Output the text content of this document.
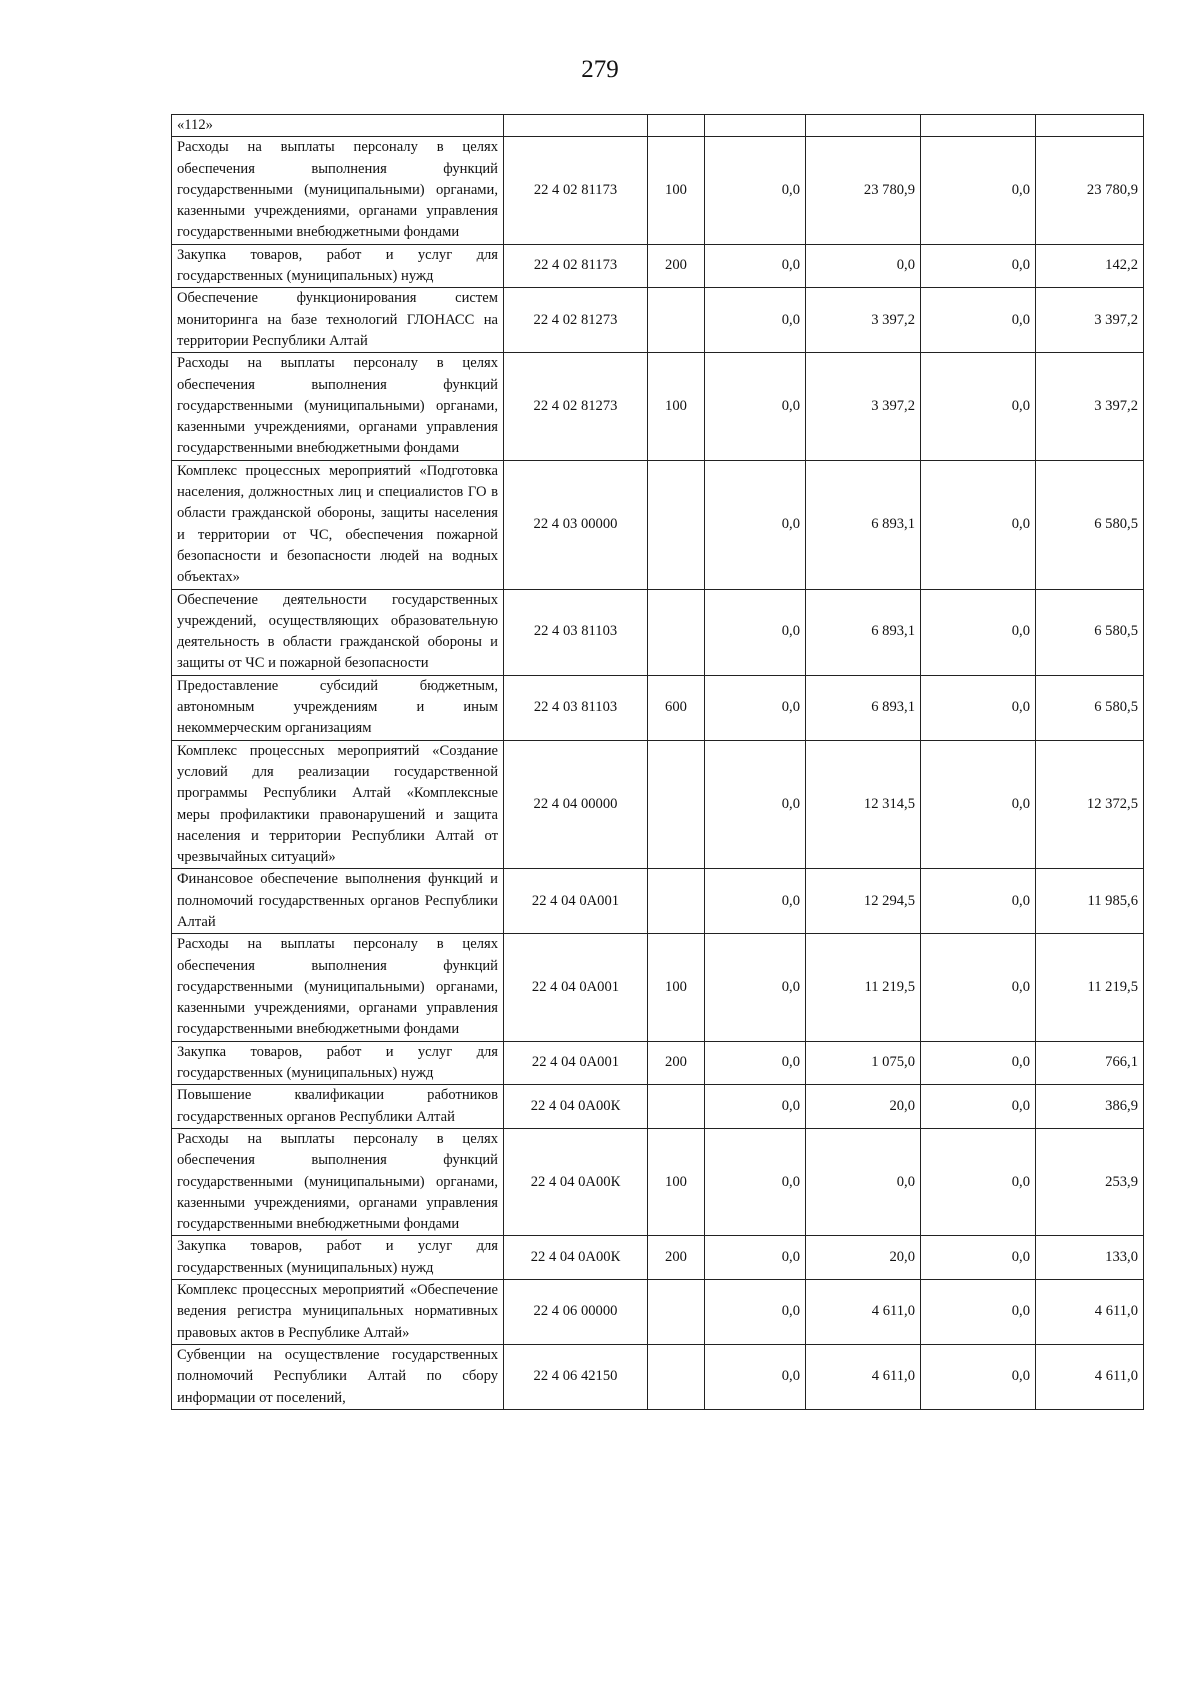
279
«112»						
Расходы на выплаты персоналу в целях обеспечения выполнения функций государственными (муниципальными) органами, казенными учреждениями, органами управления государственными внебюджетными фондами	22 4 02 81173	100	0,0	23 780,9	0,0	23 780,9
Закупка товаров, работ и услуг для государственных (муниципальных) нужд	22 4 02 81173	200	0,0	0,0	0,0	142,2
Обеспечение функционирования систем мониторинга на базе технологий ГЛОНАСС на территории Республики Алтай	22 4 02 81273		0,0	3 397,2	0,0	3 397,2
Расходы на выплаты персоналу в целях обеспечения выполнения функций государственными (муниципальными) органами, казенными учреждениями, органами управления государственными внебюджетными фондами	22 4 02 81273	100	0,0	3 397,2	0,0	3 397,2
Комплекс процессных мероприятий «Подготовка населения, должностных лиц и специалистов ГО в области гражданской обороны, защиты населения и территории от ЧС, обеспечения пожарной безопасности и безопасности людей на водных объектах»	22 4 03 00000		0,0	6 893,1	0,0	6 580,5
Обеспечение деятельности государственных учреждений, осуществляющих образовательную деятельность в области гражданской обороны и защиты от ЧС и пожарной безопасности	22 4 03 81103		0,0	6 893,1	0,0	6 580,5
Предоставление субсидий бюджетным, автономным учреждениям и иным некоммерческим организациям	22 4 03 81103	600	0,0	6 893,1	0,0	6 580,5
Комплекс процессных мероприятий «Создание условий для реализации государственной программы Республики Алтай «Комплексные меры профилактики правонарушений и защита населения и территории Республики Алтай от чрезвычайных ситуаций»	22 4 04 00000		0,0	12 314,5	0,0	12 372,5
Финансовое обеспечение выполнения функций и полномочий государственных органов Республики Алтай	22 4 04 0А001		0,0	12 294,5	0,0	11 985,6
Расходы на выплаты персоналу в целях обеспечения выполнения функций государственными (муниципальными) органами, казенными учреждениями, органами управления государственными внебюджетными фондами	22 4 04 0А001	100	0,0	11 219,5	0,0	11 219,5
Закупка товаров, работ и услуг для государственных (муниципальных) нужд	22 4 04 0А001	200	0,0	1 075,0	0,0	766,1
Повышение квалификации работников государственных органов Республики Алтай	22 4 04 0А00К		0,0	20,0	0,0	386,9
Расходы на выплаты персоналу в целях обеспечения выполнения функций государственными (муниципальными) органами, казенными учреждениями, органами управления государственными внебюджетными фондами	22 4 04 0А00К	100	0,0	0,0	0,0	253,9
Закупка товаров, работ и услуг для государственных (муниципальных) нужд	22 4 04 0А00К	200	0,0	20,0	0,0	133,0
Комплекс процессных мероприятий «Обеспечение ведения регистра муниципальных нормативных правовых актов в Республике Алтай»	22 4 06 00000		0,0	4 611,0	0,0	4 611,0
Субвенции на осуществление государственных полномочий Республики Алтай по сбору информации от поселений,	22 4 06 42150		0,0	4 611,0	0,0	4 611,0
